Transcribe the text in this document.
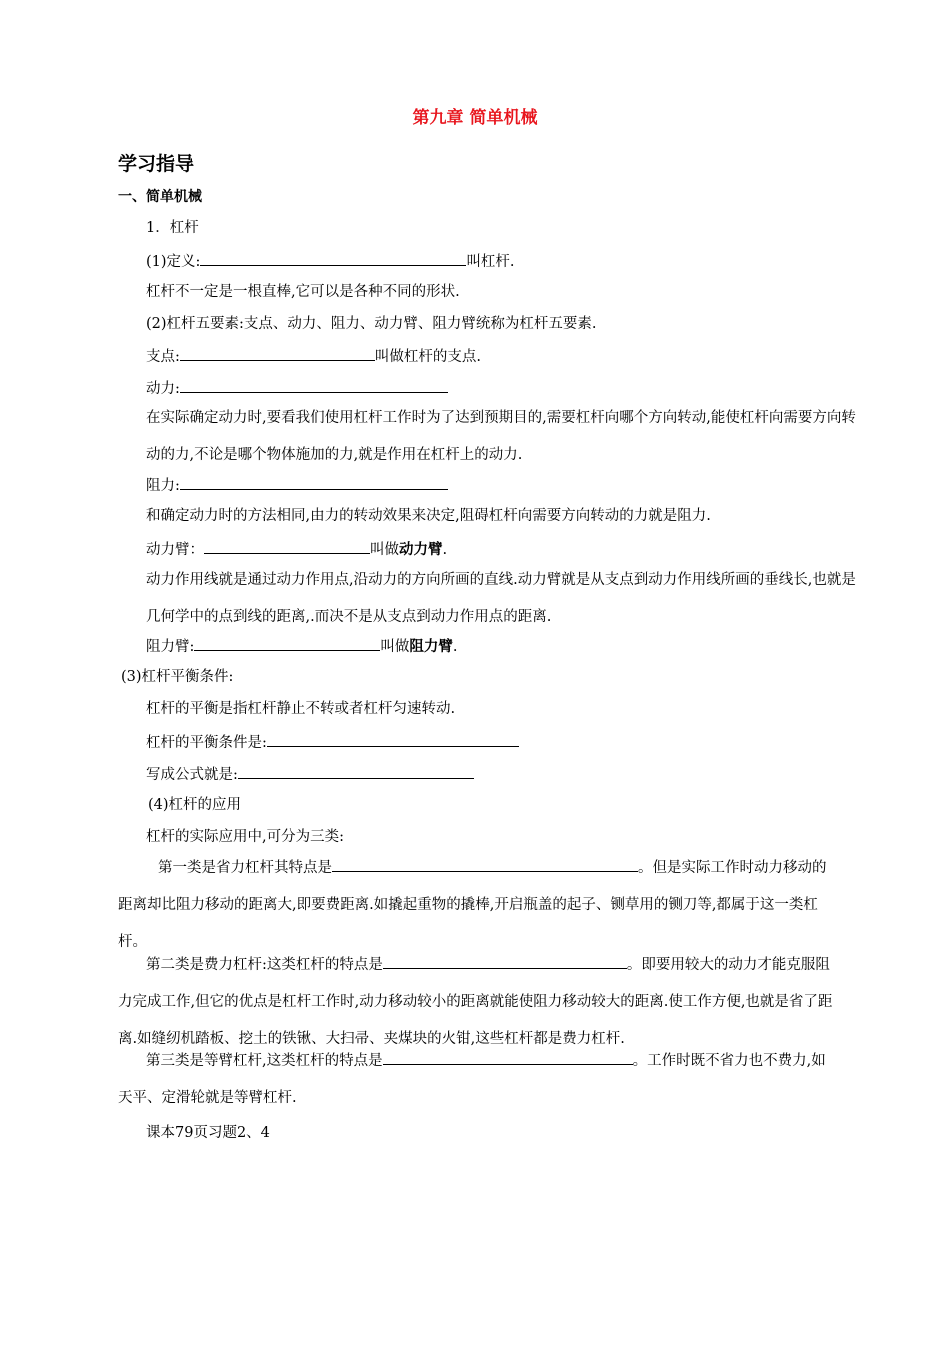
第九章 简单机械
学习指导
一、简单机械
1．杠杆
(1)定义:	叫杠杆.
杠杆不一定是一根直棒,它可以是各种不同的形状.
(2)杠杆五要素:支点、动力、阻力、动力臂、阻力臂统称为杠杆五要素.
支点:	叫做杠杆的支点.
动力:
在实际确定动力时,要看我们使用杠杆工作时为了达到预期目的,需要杠杆向哪个方向转动,能使杠杆向需要方向转动的力,不论是哪个物体施加的力,就是作用在杠杆上的动力.
阻力:
和确定动力时的方法相同,由力的转动效果来决定,阻碍杠杆向需要方向转动的力就是阻力.
动力臂：	叫做动力臂.
动力作用线就是通过动力作用点,沿动力的方向所画的直线.动力臂就是从支点到动力作用线所画的垂线长,也就是几何学中的点到线的距离,.而决不是从支点到动力作用点的距离.
阻力臂:	叫做阻力臂.
(3)杠杆平衡条件:
杠杆的平衡是指杠杆静止不转或者杠杆匀速转动.
杠杆的平衡条件是:
写成公式就是:
(4)杠杆的应用
杠杆的实际应用中,可分为三类:
第一类是省力杠杆其特点是	。但是实际工作时动力移动的距离却比阻力移动的距离大,即要费距离.如撬起重物的撬棒,开启瓶盖的起子、铡草用的铡刀等,都属于这一类杠杆。
第二类是费力杠杆:这类杠杆的特点是	。即要用较大的动力才能克服阻力完成工作,但它的优点是杠杆工作时,动力移动较小的距离就能使阻力移动较大的距离.使工作方便,也就是省了距离.如缝纫机踏板、挖土的铁锹、大扫帚、夹煤块的火钳,这些杠杆都是费力杠杆.
第三类是等臂杠杆,这类杠杆的特点是	。工作时既不省力也不费力,如天平、定滑轮就是等臂杠杆.
课本79页习题2、4
